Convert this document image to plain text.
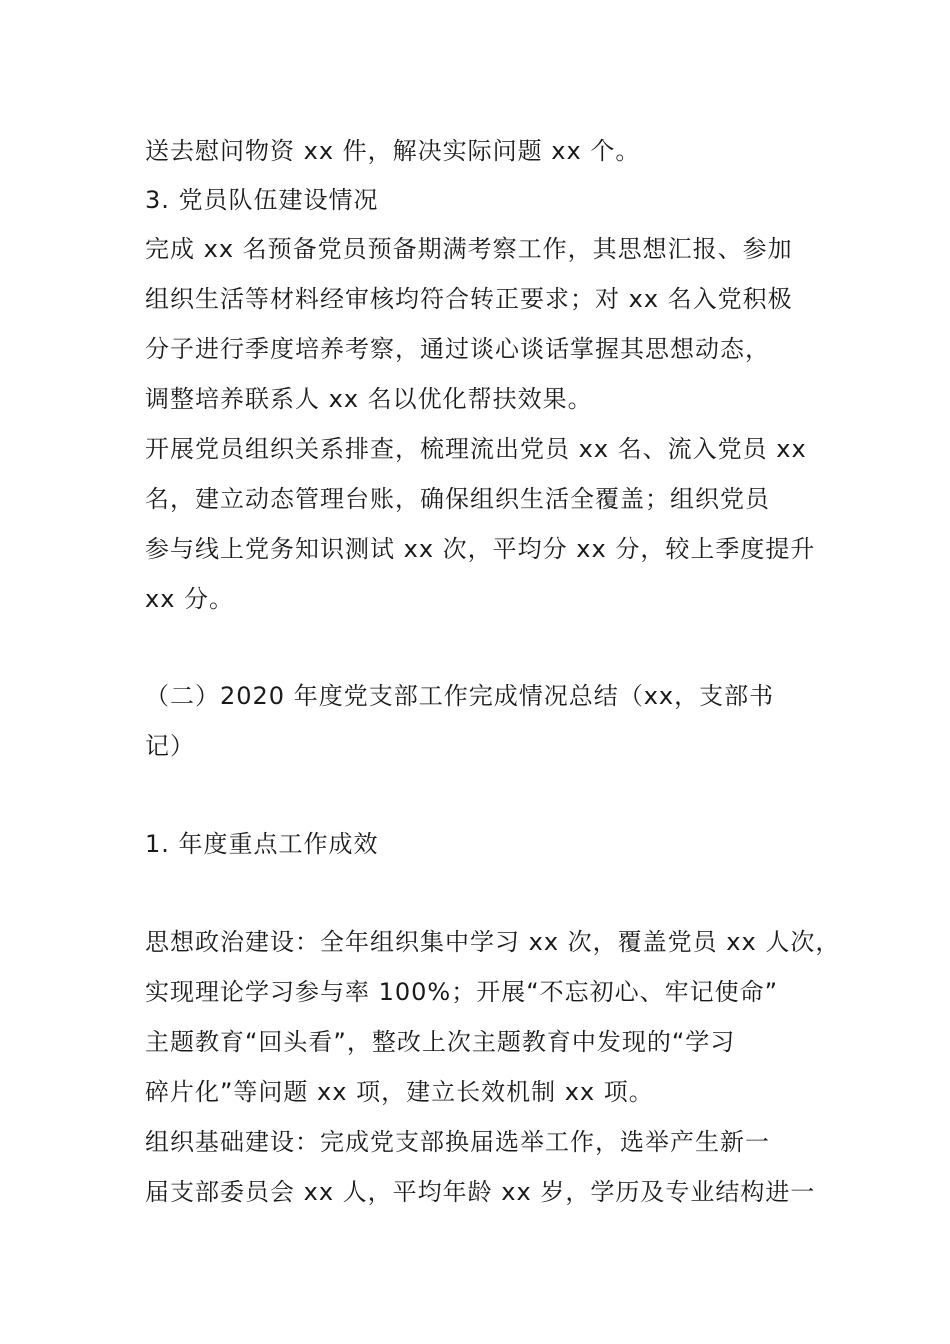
送去慰问物资 xx 件，解决实际问题 xx 个。
3. 党员队伍建设情况
完成 xx 名预备党员预备期满考察工作，其思想汇报、参加
组织生活等材料经审核均符合转正要求；对 xx 名入党积极
分子进行季度培养考察，通过谈心谈话掌握其思想动态，
调整培养联系人 xx 名以优化帮扶效果。
开展党员组织关系排查，梳理流出党员 xx 名、流入党员 xx
名，建立动态管理台账，确保组织生活全覆盖；组织党员
参与线上党务知识测试 xx 次，平均分 xx 分，较上季度提升
xx 分。
（二）2020 年度党支部工作完成情况总结（xx，支部书
记）
1. 年度重点工作成效
思想政治建设：全年组织集中学习 xx 次，覆盖党员 xx 人次，
实现理论学习参与率 100%；开展“不忘初心、牢记使命”
主题教育“回头看”，整改上次主题教育中发现的“学习
碎片化”等问题 xx 项，建立长效机制 xx 项。
组织基础建设：完成党支部换届选举工作，选举产生新一
届支部委员会 xx 人，平均年龄 xx 岁，学历及专业结构进一
